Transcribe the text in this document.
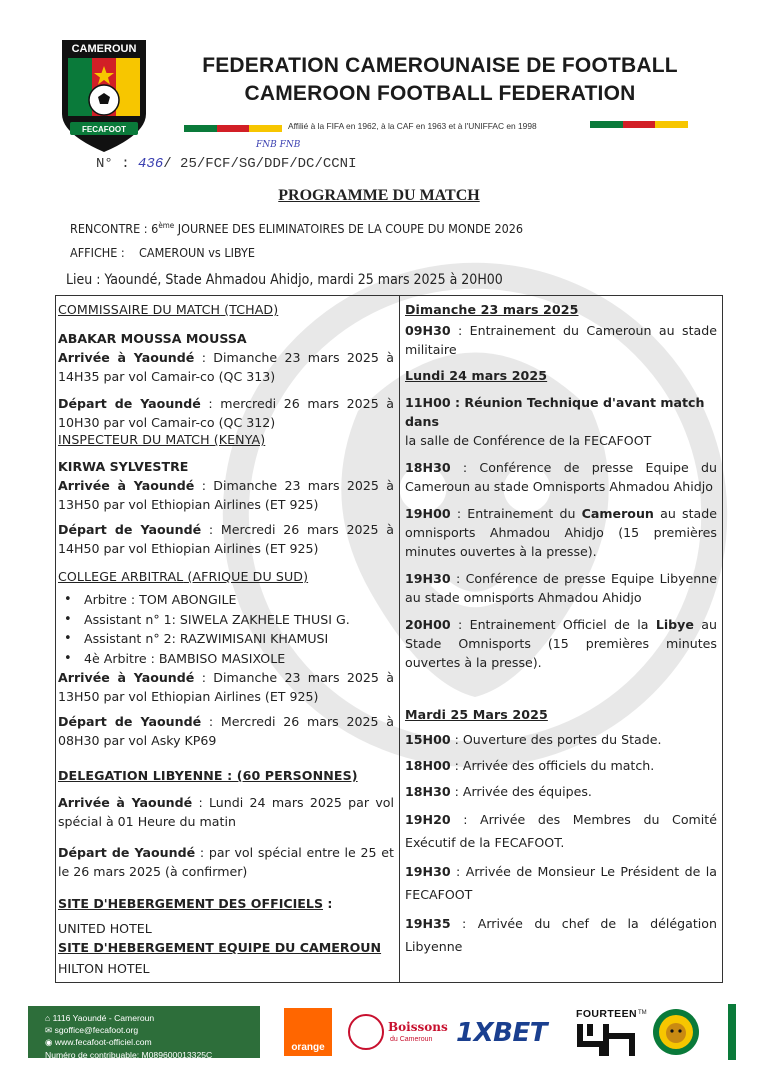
CAMEROUN
FECAFOOT
FEDERATION CAMEROUNAISE DE FOOTBALL
CAMEROON FOOTBALL FEDERATION
Affilié à la FIFA en 1962, à la CAF en 1963 et à l'UNIFFAC en 1998
FNB FNB
N° : 436/ 25/FCF/SG/DDF/DC/CCNI
PROGRAMME DU MATCH
RENCONTRE : 6ème JOURNEE DES ELIMINATOIRES DE LA COUPE DU MONDE 2026
AFFICHE : CAMEROUN vs LIBYE
Lieu : Yaoundé, Stade Ahmadou Ahidjo, mardi 25 mars 2025 à 20H00
COMMISSAIRE DU MATCH (TCHAD)
ABAKAR MOUSSA MOUSSA
Arrivée à Yaoundé : Dimanche 23 mars 2025 à 14H35 par vol Camair-co (QC 313)
Départ de Yaoundé : mercredi 26 mars 2025 à 10H30 par vol Camair-co (QC 312)
INSPECTEUR DU MATCH (KENYA)
KIRWA SYLVESTRE
Arrivée à Yaoundé : Dimanche 23 mars 2025 à 13H50 par vol Ethiopian Airlines (ET 925)
Départ de Yaoundé : Mercredi 26 mars 2025 à 14H50 par vol Ethiopian Airlines (ET 925)
COLLEGE ARBITRAL (AFRIQUE DU SUD)
• Arbitre : TOM ABONGILE
• Assistant n° 1: SIWELA ZAKHELE THUSI G.
• Assistant n° 2: RAZWIMISANI KHAMUSI
• 4è Arbitre : BAMBISO MASIXOLE
Arrivée à Yaoundé : Dimanche 23 mars 2025 à 13H50 par vol Ethiopian Airlines (ET 925)
Départ de Yaoundé : Mercredi 26 mars 2025 à 08H30 par vol Asky KP69
DELEGATION LIBYENNE : (60 PERSONNES)
Arrivée à Yaoundé : Lundi 24 mars 2025 par vol spécial à 01 Heure du matin
Départ de Yaoundé : par vol spécial entre le 25 et le 26 mars 2025 (à confirmer)
SITE D'HEBERGEMENT DES OFFICIELS :
UNITED HOTEL
SITE D'HEBERGEMENT EQUIPE DU CAMEROUN
HILTON HOTEL
Dimanche 23 mars 2025
09H30 : Entrainement du Cameroun au stade militaire
Lundi 24 mars 2025
11H00 : Réunion Technique d'avant match dans
la salle de Conférence de la FECAFOOT
18H30 : Conférence de presse Equipe du Cameroun au stade Omnisports Ahmadou Ahidjo
19H00 : Entrainement du Cameroun au stade omnisports Ahmadou Ahidjo (15 premières minutes ouvertes à la presse).
19H30 : Conférence de presse Equipe Libyenne au stade omnisports Ahmadou Ahidjo
20H00 : Entrainement Officiel de la Libye au Stade Omnisports (15 premières minutes ouvertes à la presse).
Mardi 25 Mars 2025
15H00 : Ouverture des portes du Stade.
18H00 : Arrivée des officiels du match.
18H30 : Arrivée des équipes.
19H20 : Arrivée des Membres du Comité Exécutif de la FECAFOOT.
19H30 : Arrivée de Monsieur Le Président de la FECAFOOT
19H35 : Arrivée du chef de la délégation Libyenne
⌂ 1116 Yaoundé - Cameroun
✉ sgoffice@fecafoot.org
◉ www.fecafoot-officiel.com
Numéro de contribuable: M089600013325C
orange
Boissons
du Cameroun 1XBET
FOURTEEN TM
